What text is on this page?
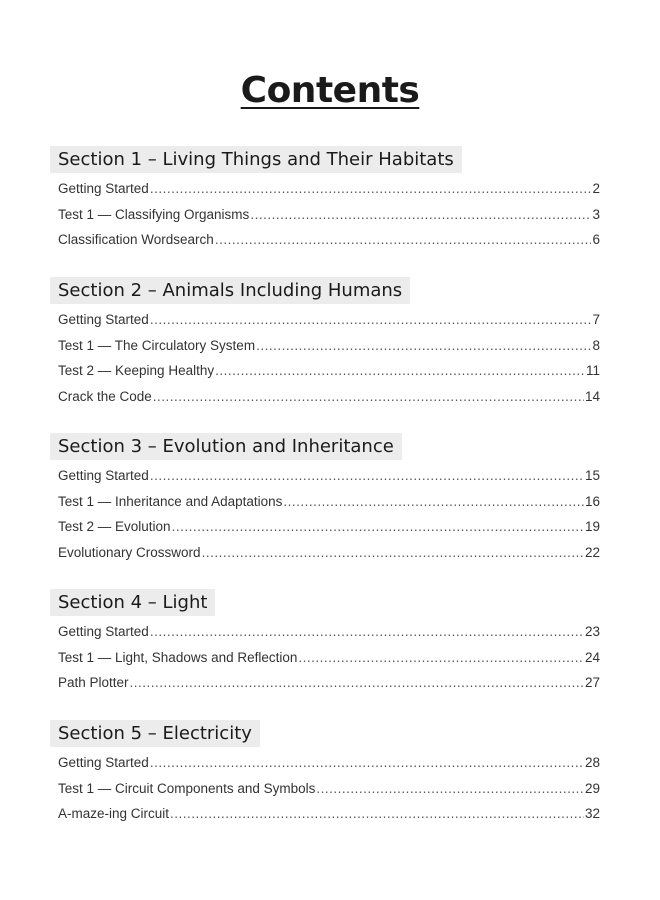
Contents
Section 1 – Living Things and Their Habitats
Getting Started .....	2
Test 1 — Classifying Organisms .....	3
Classification Wordsearch .....	6
Section 2 – Animals Including Humans
Getting Started .....	7
Test 1 — The Circulatory System .....	8
Test 2 — Keeping Healthy .....	11
Crack the Code .....	14
Section 3 – Evolution and Inheritance
Getting Started .....	15
Test 1 — Inheritance and Adaptations .....	16
Test 2 — Evolution .....	19
Evolutionary Crossword .....	22
Section 4 – Light
Getting Started .....	23
Test 1 — Light, Shadows and Reflection .....	24
Path Plotter .....	27
Section 5 – Electricity
Getting Started .....	28
Test 1 — Circuit Components and Symbols .....	29
A-maze-ing Circuit .....	32
